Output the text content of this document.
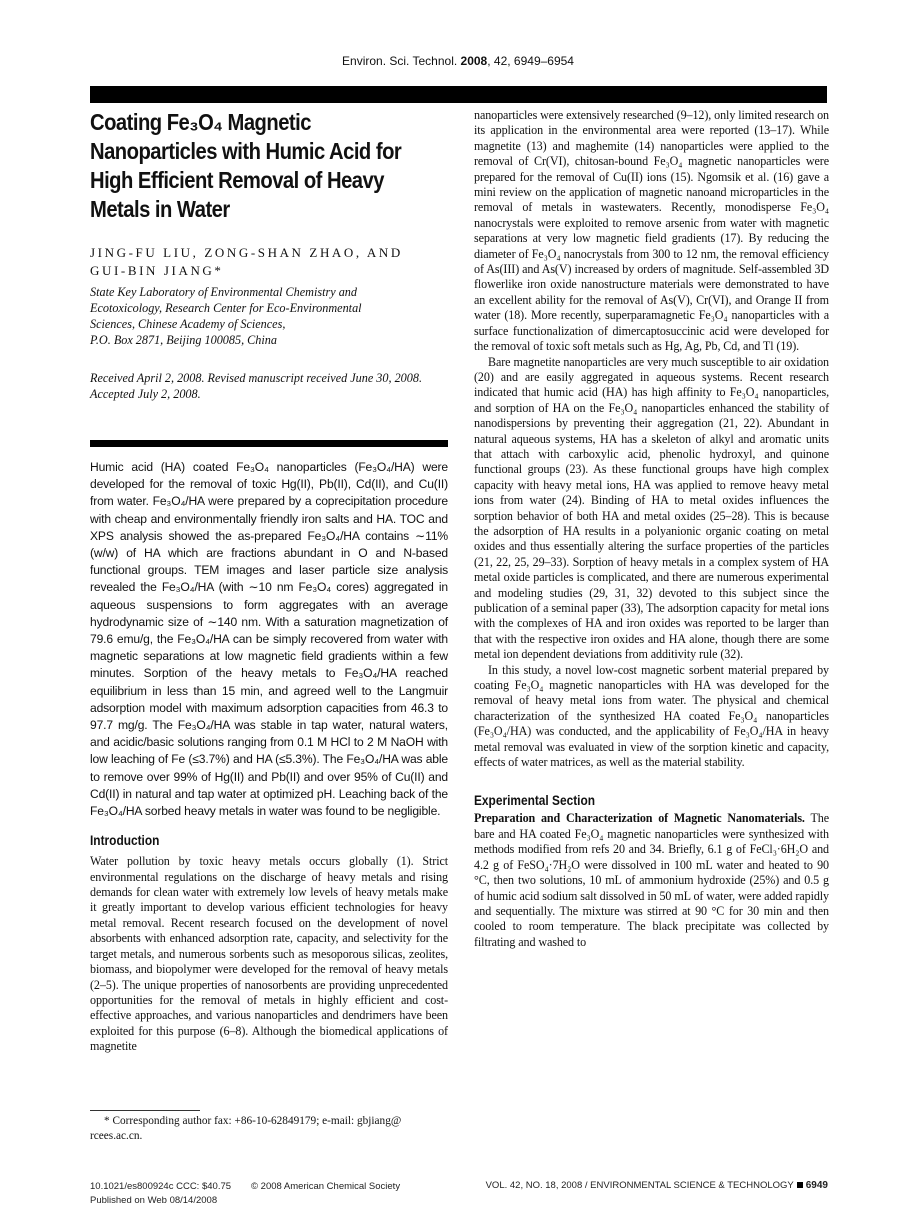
Environ. Sci. Technol. 2008, 42, 6949–6954
Coating Fe₃O₄ Magnetic
Nanoparticles with Humic Acid for
High Efficient Removal of Heavy
Metals in Water
JING-FU LIU, ZONG-SHAN ZHAO, AND
GUI-BIN JIANG*
State Key Laboratory of Environmental Chemistry and
Ecotoxicology, Research Center for Eco-Environmental
Sciences, Chinese Academy of Sciences,
P.O. Box 2871, Beijing 100085, China
Received April 2, 2008. Revised manuscript received June 30, 2008. Accepted July 2, 2008.
Humic acid (HA) coated Fe₃O₄ nanoparticles (Fe₃O₄/HA) were developed for the removal of toxic Hg(II), Pb(II), Cd(II), and Cu(II) from water. Fe₃O₄/HA were prepared by a coprecipitation procedure with cheap and environmentally friendly iron salts and HA. TOC and XPS analysis showed the as-prepared Fe₃O₄/HA contains ∼11% (w/w) of HA which are fractions abundant in O and N-based functional groups. TEM images and laser particle size analysis revealed the Fe₃O₄/HA (with ∼10 nm Fe₃O₄ cores) aggregated in aqueous suspensions to form aggregates with an average hydrodynamic size of ∼140 nm. With a saturation magnetization of 79.6 emu/g, the Fe₃O₄/HA can be simply recovered from water with magnetic separations at low magnetic field gradients within a few minutes. Sorption of the heavy metals to Fe₃O₄/HA reached equilibrium in less than 15 min, and agreed well to the Langmuir adsorption model with maximum adsorption capacities from 46.3 to 97.7 mg/g. The Fe₃O₄/HA was stable in tap water, natural waters, and acidic/basic solutions ranging from 0.1 M HCl to 2 M NaOH with low leaching of Fe (≤3.7%) and HA (≤5.3%). The Fe₃O₄/HA was able to remove over 99% of Hg(II) and Pb(II) and over 95% of Cu(II) and Cd(II) in natural and tap water at optimized pH. Leaching back of the Fe₃O₄/HA sorbed heavy metals in water was found to be negligible.
Introduction

Water pollution by toxic heavy metals occurs globally (1). Strict environmental regulations on the discharge of heavy metals and rising demands for clean water with extremely low levels of heavy metals make it greatly important to develop various efficient technologies for heavy metal removal. Recent research focused on the development of novel absorbents with enhanced adsorption rate, capacity, and selectivity for the target metals, and numerous sorbents such as mesoporous silicas, zeolites, biomass, and biopolymer were developed for the removal of heavy metals (2–5). The unique properties of nanosorbents are providing unprecedented opportunities for the removal of metals in highly efficient and cost-effective approaches, and various nanoparticles and dendrimers have been exploited for this purpose (6–8). Although the biomedical applications of magnetite

* Corresponding author fax: +86-10-62849179; e-mail: gbjiang@
rcees.ac.cn.

nanoparticles were extensively researched (9–12), only limited research on its application in the environmental area were reported (13–17). While magnetite (13) and maghemite (14) nanoparticles were applied to the removal of Cr(VI), chitosan-bound Fe₃O₄ magnetic nanoparticles were prepared for the removal of Cu(II) ions (15). Ngomsik et al. (16) gave a mini review on the application of magnetic nanoand microparticles in the removal of metals in wastewaters. Recently, monodisperse Fe₃O₄ nanocrystals were exploited to remove arsenic from water with magnetic separations at very low magnetic field gradients (17). By reducing the diameter of Fe₃O₄ nanocrystals from 300 to 12 nm, the removal efficiency of As(III) and As(V) increased by orders of magnitude. Self-assembled 3D flowerlike iron oxide nanostructure materials were demonstrated to have an excellent ability for the removal of As(V), Cr(VI), and Orange II from water (18). More recently, superparamagnetic Fe₃O₄ nanoparticles with a surface functionalization of dimercaptosuccinic acid were developed for the removal of toxic soft metals such as Hg, Ag, Pb, Cd, and Tl (19).

Bare magnetite nanoparticles are very much susceptible to air oxidation (20) and are easily aggregated in aqueous systems. Recent research indicated that humic acid (HA) has high affinity to Fe₃O₄ nanoparticles, and sorption of HA on the Fe₃O₄ nanoparticles enhanced the stability of nanodispersions by preventing their aggregation (21, 22). Abundant in natural aqueous systems, HA has a skeleton of alkyl and aromatic units that attach with carboxylic acid, phenolic hydroxyl, and quinone functional groups (23). As these functional groups have high complex capacity with heavy metal ions, HA was applied to remove heavy metal ions from water (24). Binding of HA to metal oxides influences the sorption behavior of both HA and metal oxides (25–28). This is because the adsorption of HA results in a polyanionic organic coating on metal oxides and thus essentially altering the surface properties of the particles (21, 22, 25, 29–33). Sorption of heavy metals in a complex system of HA metal oxide particles is complicated, and there are numerous experimental and modeling studies (29, 31, 32) devoted to this subject since the publication of a seminal paper (33), The adsorption capacity for metal ions with the complexes of HA and iron oxides was reported to be larger than that with the respective iron oxides and HA alone, though there are some metal ion dependent deviations from additivity rule (32).

In this study, a novel low-cost magnetic sorbent material prepared by coating Fe₃O₄ magnetic nanoparticles with HA was developed for the removal of heavy metal ions from water. The physical and chemical characterization of the synthesized HA coated Fe₃O₄ nanoparticles (Fe₃O₄/HA) was conducted, and the applicability of Fe₃O₄/HA in heavy metal removal was evaluated in view of the sorption kinetic and capacity, effects of water matrices, as well as the material stability.

Experimental Section

Preparation and Characterization of Magnetic Nanomaterials. The bare and HA coated Fe₃O₄ magnetic nanoparticles were synthesized with methods modified from refs 20 and 34. Briefly, 6.1 g of FeCl₃·6H₂O and 4.2 g of FeSO₄·7H₂O were dissolved in 100 mL water and heated to 90 °C, then two solutions, 10 mL of ammonium hydroxide (25%) and 0.5 g of humic acid sodium salt dissolved in 50 mL of water, were added rapidly and sequentially. The mixture was stirred at 90 °C for 30 min and then cooled to room temperature. The black precipitate was collected by filtrating and washed to

10.1021/es800924c CCC: $40.75 © 2008 American Chemical Society
Published on Web 08/14/2008
VOL. 42, NO. 18, 2008 / ENVIRONMENTAL SCIENCE & TECHNOLOGY 6949
